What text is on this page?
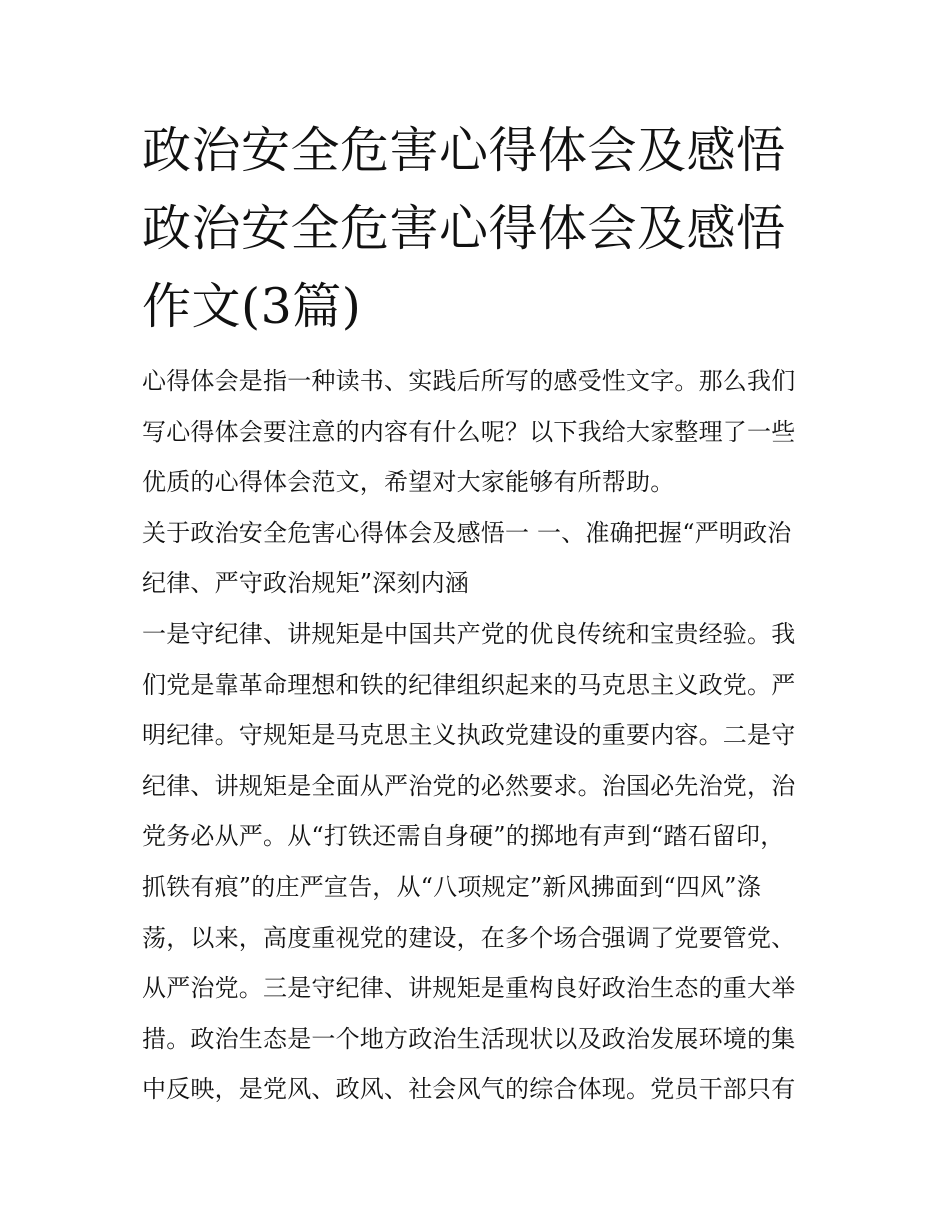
政治安全危害心得体会及感悟
政治安全危害心得体会及感悟
作文(3篇)
心得体会是指一种读书、实践后所写的感受性文字。那么我们
写心得体会要注意的内容有什么呢？以下我给大家整理了一些
优质的心得体会范文，希望对大家能够有所帮助。
关于政治安全危害心得体会及感悟一 一、准确把握“严明政治
纪律、严守政治规矩”深刻内涵
一是守纪律、讲规矩是中国共产党的优良传统和宝贵经验。我
们党是靠革命理想和铁的纪律组织起来的马克思主义政党。严
明纪律。守规矩是马克思主义执政党建设的重要内容。二是守
纪律、讲规矩是全面从严治党的必然要求。治国必先治党，治
党务必从严。从“打铁还需自身硬”的掷地有声到“踏石留印，
抓铁有痕”的庄严宣告，从“八项规定”新风拂面到“四风”涤
荡，以来，高度重视党的建设，在多个场合强调了党要管党、
从严治党。三是守纪律、讲规矩是重构良好政治生态的重大举
措。政治生态是一个地方政治生活现状以及政治发展环境的集
中反映，是党风、政风、社会风气的综合体现。党员干部只有
